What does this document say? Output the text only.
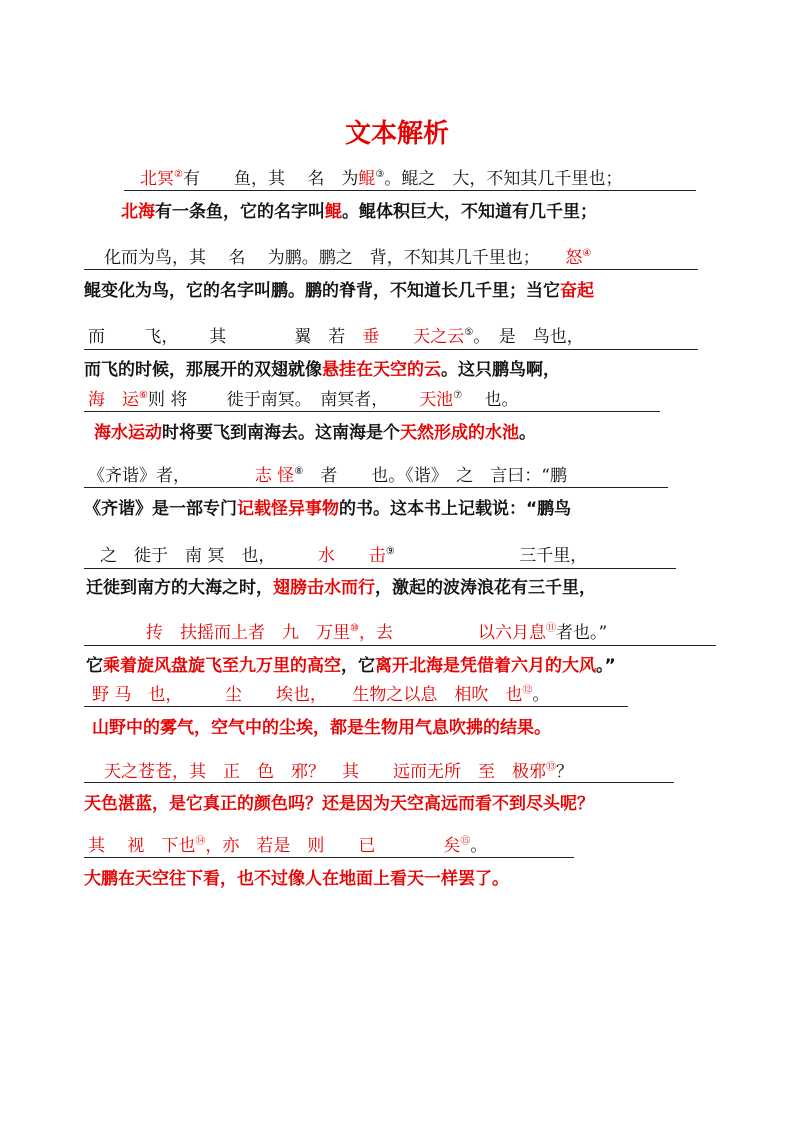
文本解析
北冥②有　　鱼，其　 名　为鲲③。鲲之　大，不知其几千里也；
北海有一条鱼，它的名字叫鲲。鲲体积巨大，不知道有几千里；
化而为鸟，其　 名　 为鹏。鹏之　背，不知其几千里也；　　怒④
鲲变化为鸟，它的名字叫鹏。鹏的脊背，不知道长几千里；当它奋起
而　　 飞，　　 其　　　　翼　若　垂　　天之云⑤。　是　鸟也，
而飞的时候，那展开的双翅就像悬挂在天空的云。这只鹏鸟啊，
海　运⑥则 将　　 徙于南冥。　南冥者，　　 天池⑦　 也。
海水运动时将要飞到南海去。这南海是个天然形成的水池。
《齐谐》者，　　　　 志 怪⑧　者　　也。《谐》　之　言曰：“鹏
《齐谐》是一部专门记载怪异事物的书。这本书上记载说：“鹏鸟
之　徙于　南 冥　也，　　　水　　击⑨　　　　　　　 三千里，
迁徙到南方的大海之时，翅膀击水而行，激起的波涛浪花有三千里，
抟　扶摇而上者　九　万里⑩，去　　　　　以六月息⑪者也。”
它乘着旋风盘旋飞至九万里的高空，它离开北海是凭借着六月的大风。”
野 马　也，　　　尘　　埃也，　　生物之以息　相吹　也⑫。
山野中的雾气，空气中的尘埃，都是生物用气息吹拂的结果。
天之苍苍，其　正　色　邪？　其　　远而无所　至　极邪⑬？
天色湛蓝，是它真正的颜色吗？还是因为天空高远而看不到尽头呢？
其　 视　下也⑭，亦　若是　则　　已　　　　矣⑮。
大鹏在天空往下看，也不过像人在地面上看天一样罢了。
